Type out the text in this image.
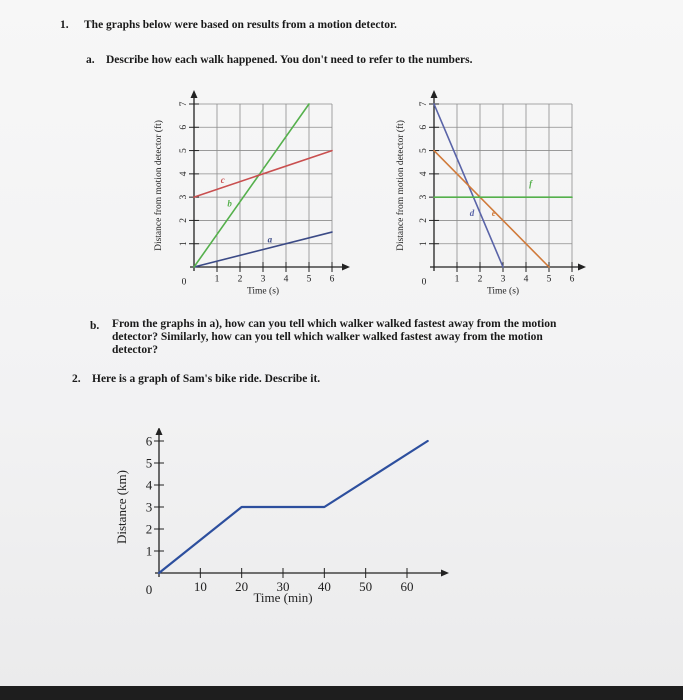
1. The graphs below were based on results from a motion detector.
a. Describe how each walk happened. You don't need to refer to the numbers.
1 2 3 4 5 6
1
2
3
4
5
6
7
0
Time (s)
Distance from motion detector (ft)	a
b
c
1 2 3 4 5 6
1
2
3
4
5
6
7
0
Time (s)
Distance from motion detector (ft)	d e
f
b. From the graphs in a), how can you tell which walker walked fastest away from the motion detector? Similarly, how can you tell which walker walked fastest away from the motion detector?
2. Here is a graph of Sam's bike ride. Describe it.
10 20 30 40 50 60
1
2
3
4
5
6
0
Time (min)
Distance (km)
